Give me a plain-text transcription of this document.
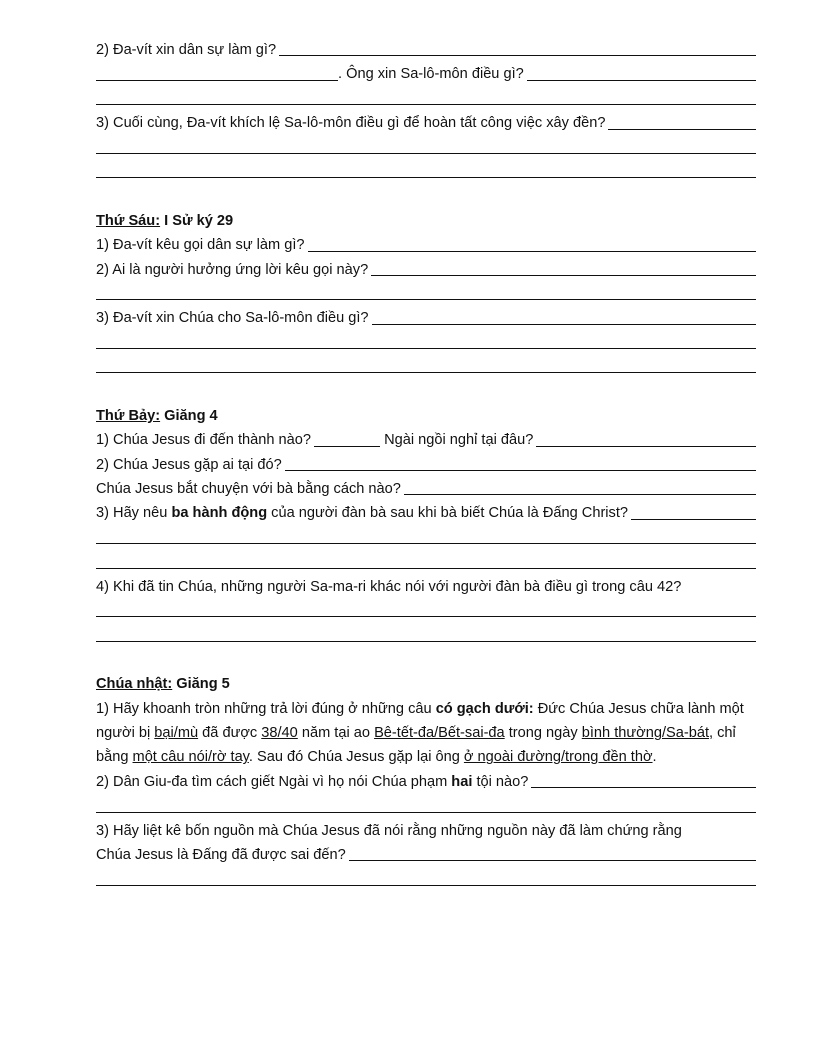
2) Đa-vít xin dân sự làm gì?
. Ông xin Sa-lô-môn điều gì?
3) Cuối cùng, Đa-vít khích lệ Sa-lô-môn điều gì để hoàn tất công việc xây đền?
Thứ Sáu: I Sử ký 29
1) Đa-vít kêu gọi dân sự làm gì?
2) Ai là người hưởng ứng lời kêu gọi này?
3) Đa-vít xin Chúa cho Sa-lô-môn điều gì?
Thứ Bảy: Giăng 4
1) Chúa Jesus đi đến thành nào?	Ngài ngồi nghỉ tại đâu?
2) Chúa Jesus gặp ai tại đó?
Chúa Jesus bắt chuyện với bà bằng cách nào?
3) Hãy nêu ba hành động của người đàn bà sau khi bà biết Chúa là Đấng Christ?
4) Khi đã tin Chúa, những người Sa-ma-ri khác nói với người đàn bà điều gì trong câu 42?
Chúa nhật: Giăng 5
1) Hãy khoanh tròn những trả lời đúng ở những câu có gạch dưới: Đức Chúa Jesus chữa lành một người bị bại/mù đã được 38/40 năm tại ao Bê-tết-đa/Bết-sai-đa trong ngày bình thường/Sa-bát, chỉ bằng một câu nói/rờ tay. Sau đó Chúa Jesus gặp lại ông ở ngoài đường/trong đền thờ.
2) Dân Giu-đa tìm cách giết Ngài vì họ nói Chúa phạm hai tội nào?
3) Hãy liệt kê bốn nguồn mà Chúa Jesus đã nói rằng những nguồn này đã làm chứng rằng
Chúa Jesus là Đấng đã được sai đến?
